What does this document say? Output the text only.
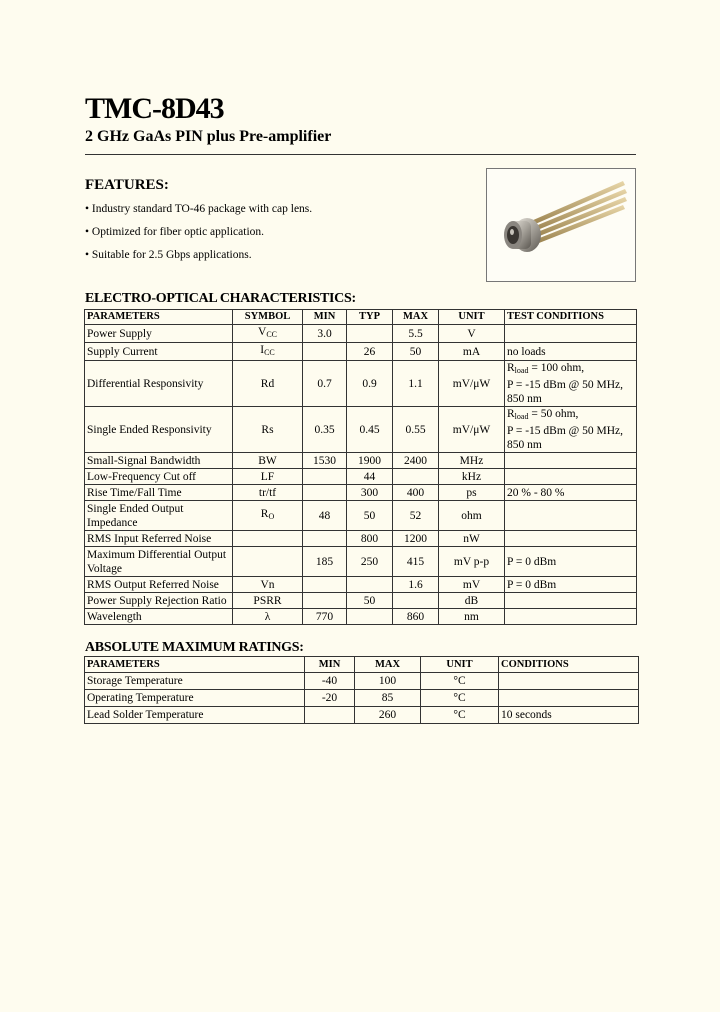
TMC-8D43
2 GHz GaAs PIN plus Pre-amplifier
FEATURES:
• Industry standard TO-46 package with cap lens.
• Optimized for fiber optic application.
• Suitable for 2.5 Gbps applications.
ELECTRO-OPTICAL CHARACTERISTICS:
PARAMETERS	SYMBOL	MIN	TYP	MAX	UNIT	TEST CONDITIONS
Power Supply	$V_{CC}$	3.0		5.5	V	
Supply Current	$I_{CC}$		26	50	mA	no loads
Differential Responsivity	Rd	0.7	0.9	1.1	mV/μW	$R_{load} = 100$ ohm,
P = -15 dBm @ 50 MHz,
850 nm

Single Ended Responsivity	Rs	0.35	0.45	0.55	mV/μW	$R_{load} = 50$ ohm,
P = -15 dBm @ 50 MHz,
850 nm

Small-Signal Bandwidth	BW	1530	1900	2400	MHz	
Low-Frequency Cut off	LF		44		kHz	
Rise Time/Fall Time	tr/tf		300	400	ps	20 % - 80 %

Single Ended Output
Impedance	$R_O$	48	50	52	ohm	
RMS Input Referred Noise			800	1200	nW	

Maximum Differential Output
Voltage		185	250	415	mV p-p	P = 0 dBm
RMS Output Referred Noise	Vn			1.6	mV	P = 0 dBm
Power Supply Rejection Ratio	PSRR		50		dB	
Wavelength	λ	770		860	nm	
ABSOLUTE MAXIMUM RATINGS:
PARAMETERS	MIN	MAX	UNIT	CONDITIONS
Storage Temperature	-40	100	°C	
Operating Temperature	-20	85	°C	
Lead Solder Temperature		260	°C	10 seconds
